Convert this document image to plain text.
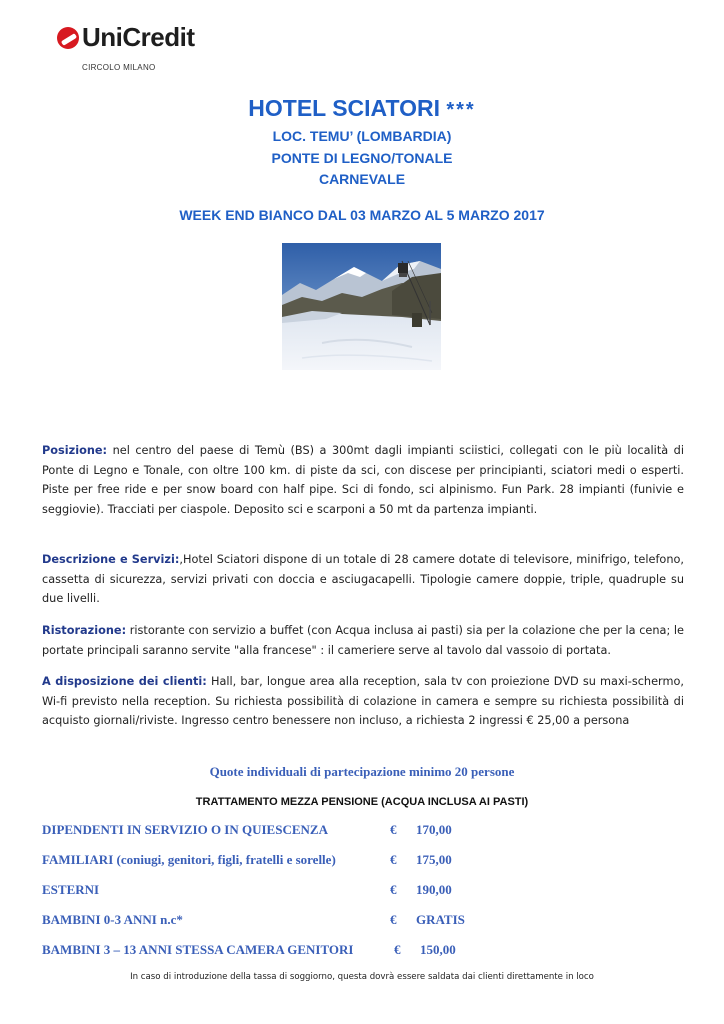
UniCredit
CIRCOLO MILANO
HOTEL SCIATORI ***
LOC. TEMU’ (LOMBARDIA)
PONTE DI LEGNO/TONALE
CARNEVALE
WEEK END BIANCO DAL 03 MARZO AL 5 MARZO 2017
Posizione: nel centro del paese di Temù (BS) a 300mt dagli impianti sciistici, collegati con le più località di Ponte di Legno e Tonale, con oltre 100 km. di piste da sci, con discese per principianti, sciatori medi o esperti. Piste per free ride e per snow board con half pipe. Sci di fondo, sci alpinismo. Fun Park. 28 impianti (funivie e seggiovie). Tracciati per ciaspole. Deposito sci e scarponi a 50 mt da partenza impianti.
Descrizione e Servizi:,Hotel Sciatori dispone di un totale di 28 camere dotate di televisore, minifrigo, telefono, cassetta di sicurezza, servizi privati con doccia e asciugacapelli. Tipologie camere doppie, triple, quadruple su due livelli.
Ristorazione: ristorante con servizio a buffet (con Acqua inclusa ai pasti) sia per la colazione che per la cena; le portate principali saranno servite "alla francese" : il cameriere serve al tavolo dal vassoio di portata.
A disposizione dei clienti: Hall, bar, longue area alla reception, sala tv con proiezione DVD su maxi-schermo, Wi-fi previsto nella reception. Su richiesta possibilità di colazione in camera e sempre su richiesta possibilità di acquisto giornali/riviste. Ingresso centro benessere non incluso, a richiesta 2 ingressi € 25,00 a persona
Quote individuali di partecipazione minimo 20 persone
TRATTAMENTO MEZZA PENSIONE (ACQUA INCLUSA AI PASTI)
DIPENDENTI IN SERVIZIO O IN QUIESCENZA	€ 170,00
FAMILIARI (coniugi, genitori, figli, fratelli e sorelle)	€ 175,00
ESTERNI	€ 190,00
BAMBINI 0-3 ANNI n.c*	€ GRATIS
BAMBINI 3 – 13 ANNI STESSA CAMERA GENITORI	€ 150,00
In caso di introduzione della tassa di soggiorno, questa dovrà essere saldata dai clienti direttamente in loco
